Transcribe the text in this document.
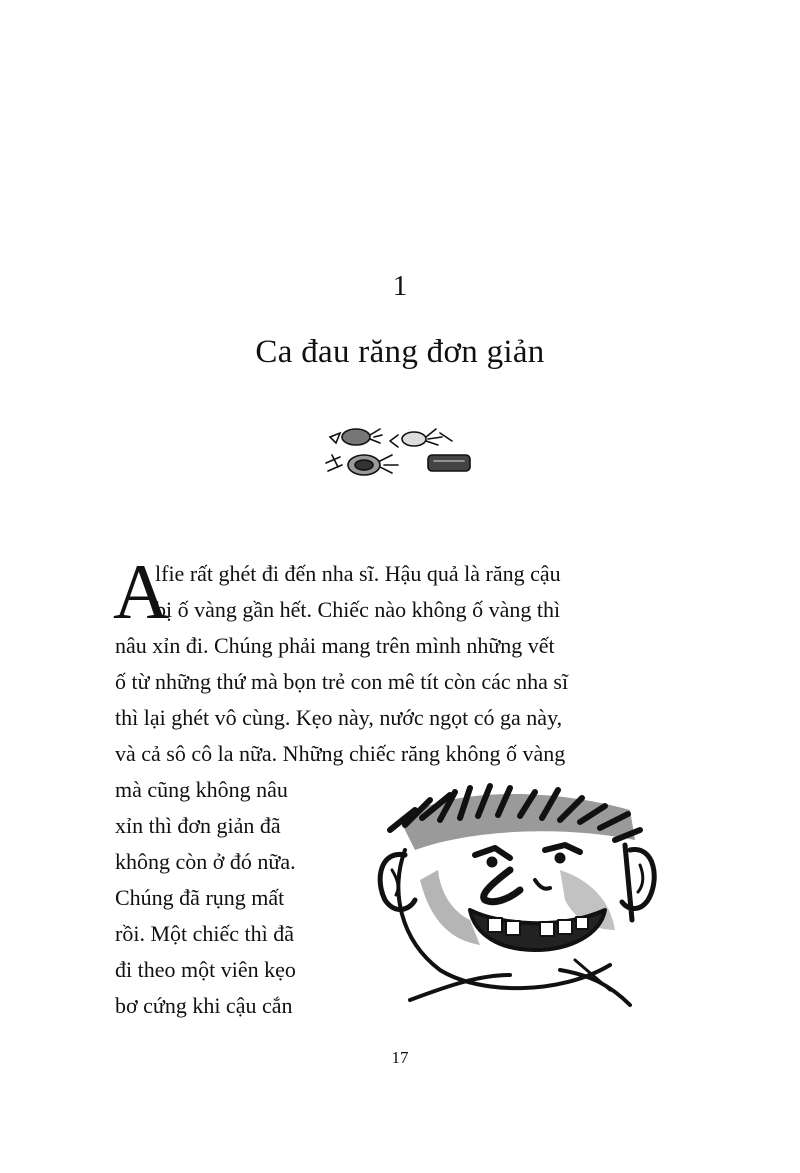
1
Ca đau răng đơn giản
A
lfie rất ghét đi đến nha sĩ. Hậu quả là răng cậu
bị ố vàng gần hết. Chiếc nào không ố vàng thì
nâu xỉn đi. Chúng phải mang trên mình những vết
ố từ những thứ mà bọn trẻ con mê tít còn các nha sĩ
thì lại ghét vô cùng. Kẹo này, nước ngọt có ga này,
và cả sô cô la nữa. Những chiếc răng không ố vàng
mà cũng không nâu
xỉn thì đơn giản đã
không còn ở đó nữa.
Chúng đã rụng mất
rồi. Một chiếc thì đã
đi theo một viên kẹo
bơ cứng khi cậu cắn
17
